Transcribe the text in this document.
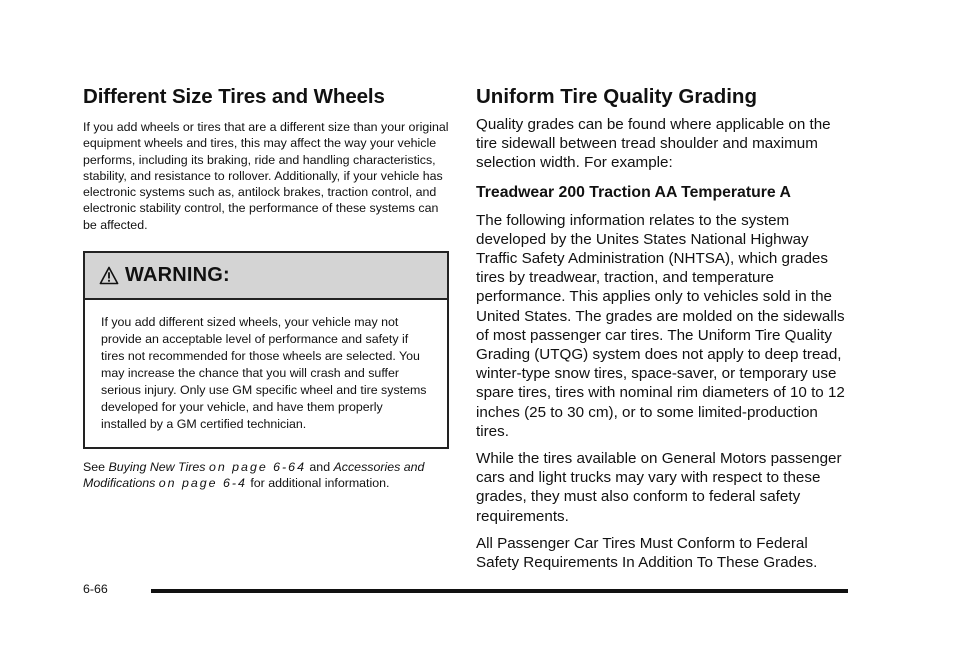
Different Size Tires and Wheels

If you add wheels or tires that are a different size than your original equipment wheels and tires, this may affect the way your vehicle performs, including its braking, ride and handling characteristics, stability, and resistance to rollover. Additionally, if your vehicle has electronic systems such as, antilock brakes, traction control, and electronic stability control, the performance of these systems can be affected.

WARNING:

If you add different sized wheels, your vehicle may not provide an acceptable level of performance and safety if tires not recommended for those wheels are selected. You may increase the chance that you will crash and suffer serious injury. Only use GM specific wheel and tire systems developed for your vehicle, and have them properly installed by a GM certified technician.

See Buying New Tires on page 6‑64 and Accessories and Modifications on page 6‑4 for additional information.

Uniform Tire Quality Grading

Quality grades can be found where applicable on the tire sidewall between tread shoulder and maximum selection width. For example:

Treadwear 200 Traction AA Temperature A

The following information relates to the system developed by the Unites States National Highway Traffic Safety Administration (NHTSA), which grades tires by treadwear, traction, and temperature performance. This applies only to vehicles sold in the United States. The grades are molded on the sidewalls of most passenger car tires. The Uniform Tire Quality Grading (UTQG) system does not apply to deep tread, winter-type snow tires, space-saver, or temporary use spare tires, tires with nominal rim diameters of 10 to 12 inches (25 to 30 cm), or to some limited-production tires.

While the tires available on General Motors passenger cars and light trucks may vary with respect to these grades, they must also conform to federal safety requirements.

All Passenger Car Tires Must Conform to Federal Safety Requirements In Addition To These Grades.

6-66
